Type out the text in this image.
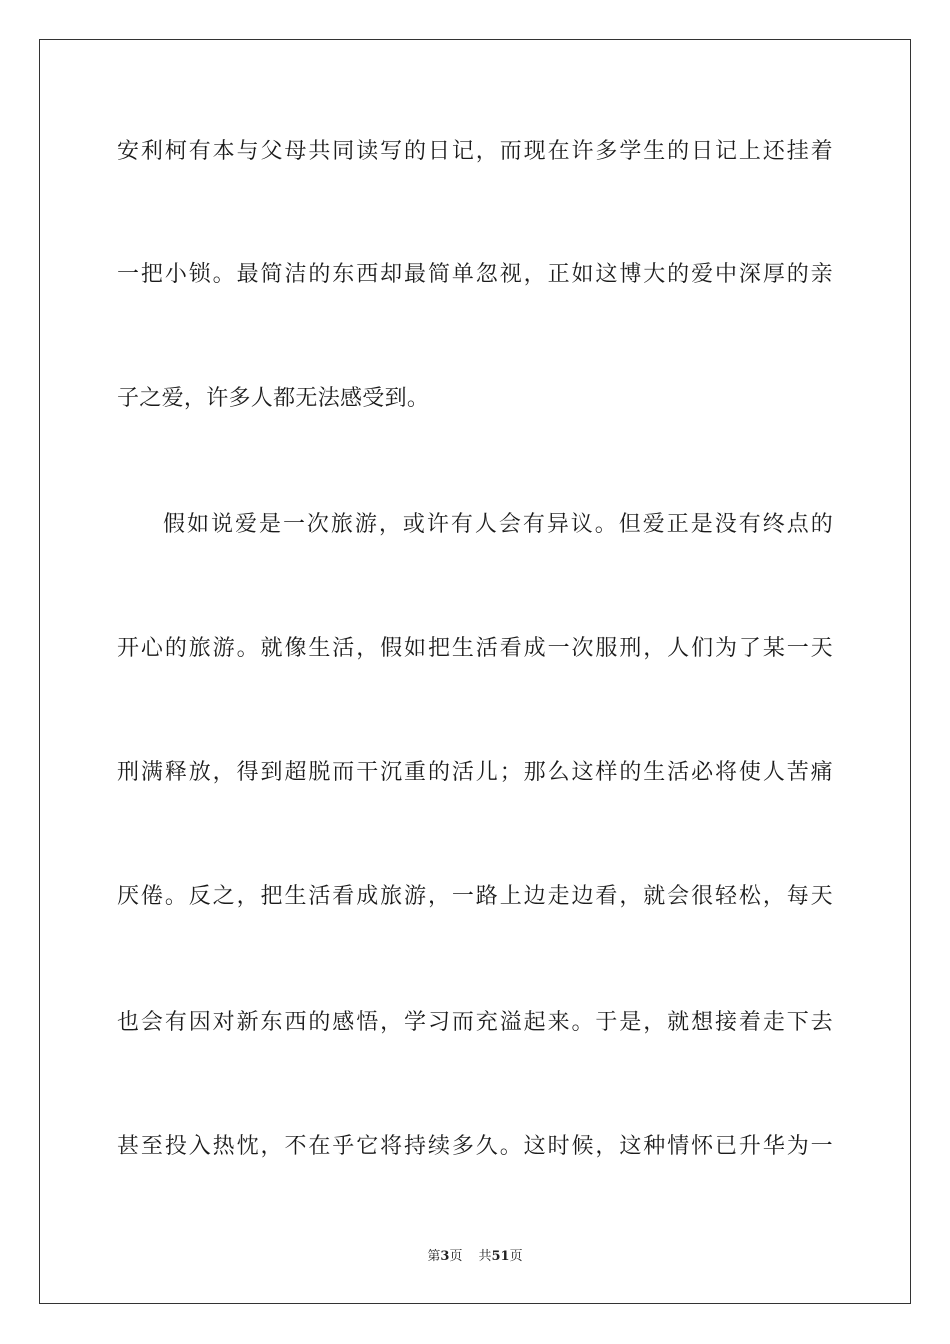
安利柯有本与父母共同读写的日记，而现在许多学生的日记上还挂着
一把小锁。最简洁的东西却最简单忽视，正如这博大的爱中深厚的亲
子之爱，许多人都无法感受到。
假如说爱是一次旅游，或许有人会有异议。但爱正是没有终点的
开心的旅游。就像生活，假如把生活看成一次服刑，人们为了某一天
刑满释放，得到超脱而干沉重的活儿；那么这样的生活必将使人苦痛
厌倦。反之，把生活看成旅游，一路上边走边看，就会很轻松，每天
也会有因对新东西的感悟，学习而充溢起来。于是，就想接着走下去
甚至投入热忱，不在乎它将持续多久。这时候，这种情怀已升华为一
第3页 共51页
